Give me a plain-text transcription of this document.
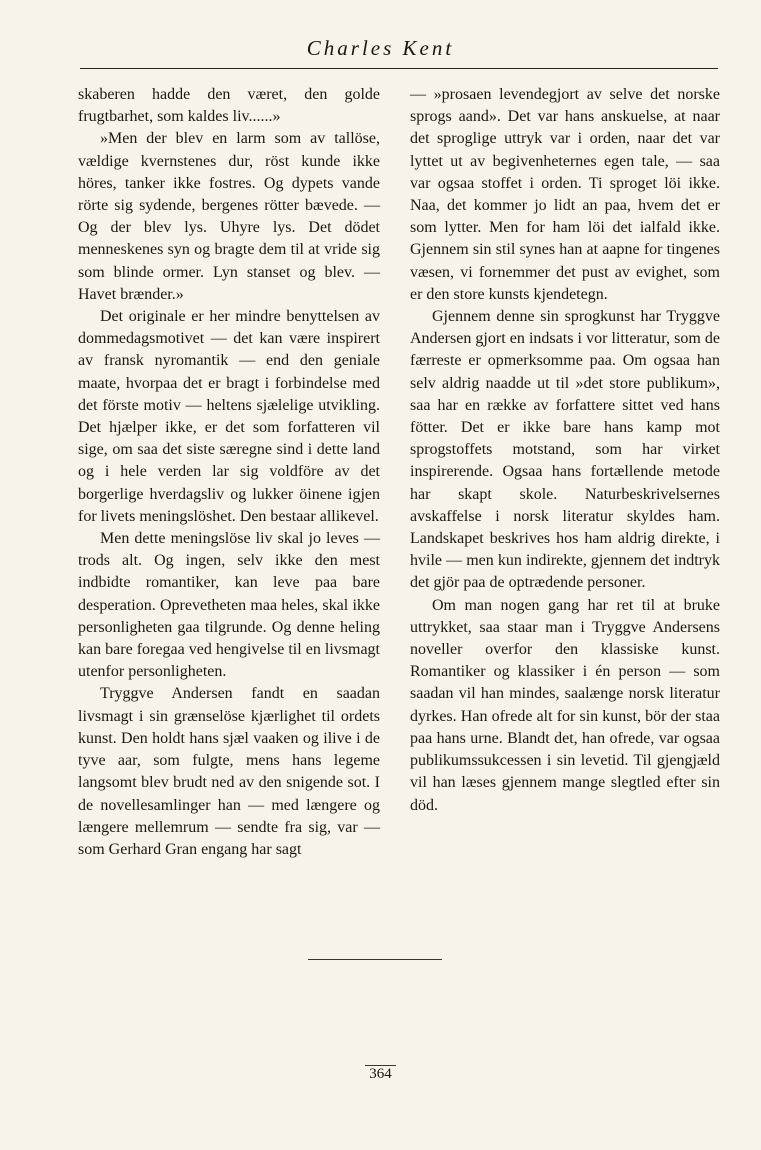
Charles Kent

skaberen hadde den været, den golde frugtbarhet, som kaldes liv......»

»Men der blev en larm som av tallöse, vældige kvernstenes dur, röst kunde ikke höres, tanker ikke fostres. Og dypets vande rörte sig sydende, bergenes rötter bævede. — Og der blev lys. Uhyre lys. Det dödet menneskenes syn og bragte dem til at vride sig som blinde ormer. Lyn stanset og blev. — Havet brænder.»

Det originale er her mindre benyttelsen av dommedagsmotivet — det kan være inspirert av fransk nyromantik — end den geniale maate, hvorpaa det er bragt i forbindelse med det förste motiv — heltens sjælelige utvikling. Det hjælper ikke, er det som forfatteren vil sige, om saa det siste særegne sind i dette land og i hele verden lar sig voldföre av det borgerlige hverdagsliv og lukker öinene igjen for livets meningslöshet. Den bestaar allikevel.

Men dette meningslöse liv skal jo leves — trods alt. Og ingen, selv ikke den mest indbidte romantiker, kan leve paa bare desperation. Oprevetheten maa heles, skal ikke personligheten gaa tilgrunde. Og denne heling kan bare foregaa ved hengivelse til en livsmagt utenfor personligheten.

Tryggve Andersen fandt en saadan livsmagt i sin grænselöse kjærlighet til ordets kunst. Den holdt hans sjæl vaaken og ilive i de tyve aar, som fulgte, mens hans legeme langsomt blev brudt ned av den snigende sot. I de novellesamlinger han — med længere og længere mellemrum — sendte fra sig, var — som Gerhard Gran engang har sagt

— »prosaen levendegjort av selve det norske sprogs aand». Det var hans anskuelse, at naar det sproglige uttryk var i orden, naar det var lyttet ut av begivenheternes egen tale, — saa var ogsaa stoffet i orden. Ti sproget löi ikke. Naa, det kommer jo lidt an paa, hvem det er som lytter. Men for ham löi det ialfald ikke. Gjennem sin stil synes han at aapne for tingenes væsen, vi fornemmer det pust av evighet, som er den store kunsts kjendetegn.

Gjennem denne sin sprogkunst har Tryggve Andersen gjort en indsats i vor litteratur, som de færreste er opmerksomme paa. Om ogsaa han selv aldrig naadde ut til »det store publikum», saa har en række av forfattere sittet ved hans fötter. Det er ikke bare hans kamp mot sprogstoffets motstand, som har virket inspirerende. Ogsaa hans fortællende metode har skapt skole. Naturbeskrivelsernes avskaffelse i norsk literatur skyldes ham. Landskapet beskrives hos ham aldrig direkte, i hvile — men kun indirekte, gjennem det indtryk det gjör paa de optrædende personer.

Om man nogen gang har ret til at bruke uttrykket, saa staar man i Tryggve Andersens noveller overfor den klassiske kunst. Romantiker og klassiker i én person — som saadan vil han mindes, saalænge norsk literatur dyrkes. Han ofrede alt for sin kunst, bör der staa paa hans urne. Blandt det, han ofrede, var ogsaa publikumssukcessen i sin levetid. Til gjengjæld vil han læses gjennem mange slegtled efter sin död.

364
